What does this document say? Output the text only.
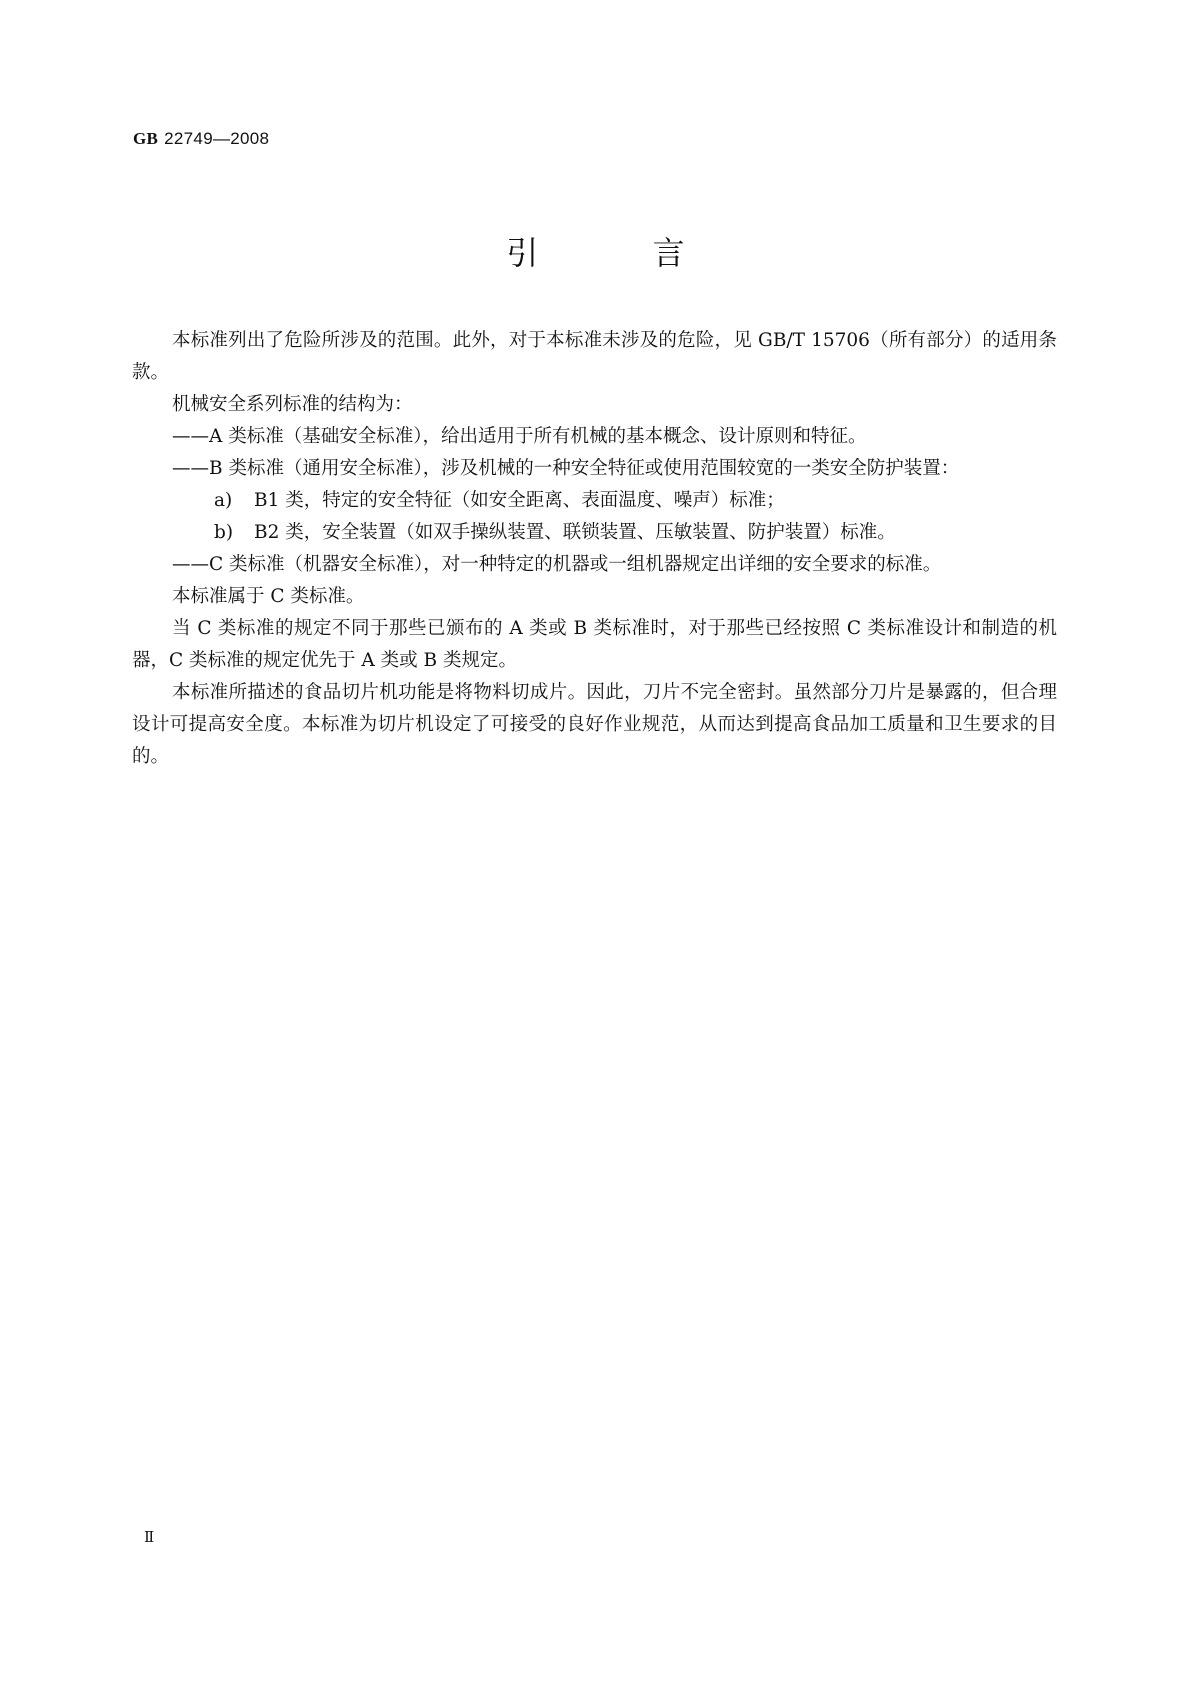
GB 22749—2008
引 言

本标准列出了危险所涉及的范围。此外，对于本标准未涉及的危险，见 GB/T 15706（所有部分）的适用条款。

机械安全系列标准的结构为：

——A 类标准（基础安全标准），给出适用于所有机械的基本概念、设计原则和特征。

——B 类标准（通用安全标准），涉及机械的一种安全特征或使用范围较宽的一类安全防护装置：

a) B1 类，特定的安全特征（如安全距离、表面温度、噪声）标准；

b) B2 类，安全装置（如双手操纵装置、联锁装置、压敏装置、防护装置）标准。

——C 类标准（机器安全标准），对一种特定的机器或一组机器规定出详细的安全要求的标准。

本标准属于 C 类标准。

当 C 类标准的规定不同于那些已颁布的 A 类或 B 类标准时，对于那些已经按照 C 类标准设计和制造的机器，C 类标准的规定优先于 A 类或 B 类规定。

本标准所描述的食品切片机功能是将物料切成片。因此，刀片不完全密封。虽然部分刀片是暴露的，但合理设计可提高安全度。本标准为切片机设定了可接受的良好作业规范，从而达到提高食品加工质量和卫生要求的目的。

Ⅱ
